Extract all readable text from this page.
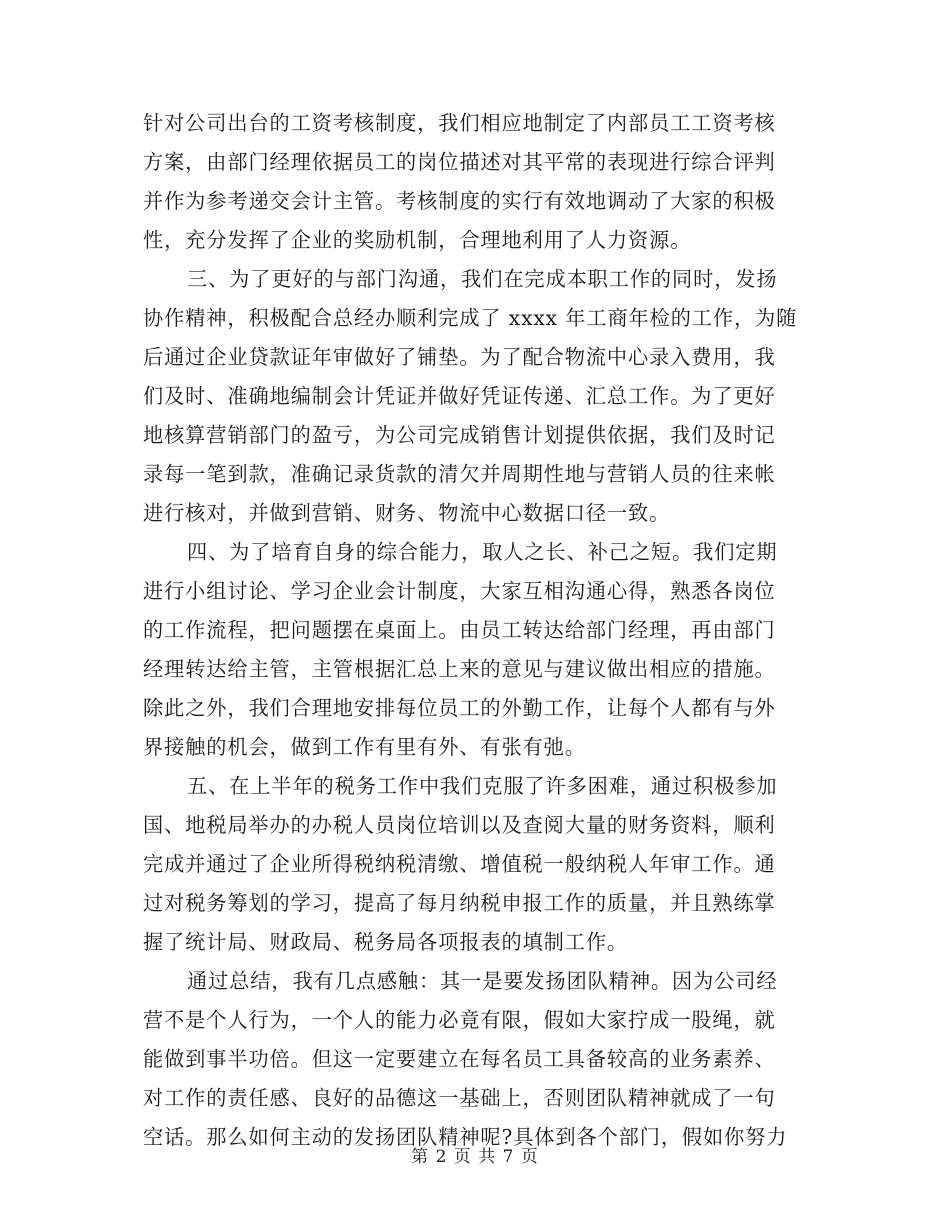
针对公司出台的工资考核制度，我们相应地制定了内部员工工资考核
方案，由部门经理依据员工的岗位描述对其平常的表现进行综合评判
并作为参考递交会计主管。考核制度的实行有效地调动了大家的积极
性，充分发挥了企业的奖励机制，合理地利用了人力资源。
三、为了更好的与部门沟通，我们在完成本职工作的同时，发扬
协作精神，积极配合总经办顺利完成了 xxxx 年工商年检的工作，为随
后通过企业贷款证年审做好了铺垫。为了配合物流中心录入费用，我
们及时、准确地编制会计凭证并做好凭证传递、汇总工作。为了更好
地核算营销部门的盈亏，为公司完成销售计划提供依据，我们及时记
录每一笔到款，准确记录货款的清欠并周期性地与营销人员的往来帐
进行核对，并做到营销、财务、物流中心数据口径一致。
四、为了培育自身的综合能力，取人之长、补己之短。我们定期
进行小组讨论、学习企业会计制度，大家互相沟通心得，熟悉各岗位
的工作流程，把问题摆在桌面上。由员工转达给部门经理，再由部门
经理转达给主管，主管根据汇总上来的意见与建议做出相应的措施。
除此之外，我们合理地安排每位员工的外勤工作，让每个人都有与外
界接触的机会，做到工作有里有外、有张有弛。
五、在上半年的税务工作中我们克服了许多困难，通过积极参加
国、地税局举办的办税人员岗位培训以及查阅大量的财务资料，顺利
完成并通过了企业所得税纳税清缴、增值税一般纳税人年审工作。通
过对税务筹划的学习，提高了每月纳税申报工作的质量，并且熟练掌
握了统计局、财政局、税务局各项报表的填制工作。
通过总结，我有几点感触：其一是要发扬团队精神。因为公司经
营不是个人行为，一个人的能力必竟有限，假如大家拧成一股绳，就
能做到事半功倍。但这一定要建立在每名员工具备较高的业务素养、
对工作的责任感、良好的品德这一基础上，否则团队精神就成了一句
空话。那么如何主动的发扬团队精神呢?具体到各个部门，假如你努力
第 2 页 共 7 页
